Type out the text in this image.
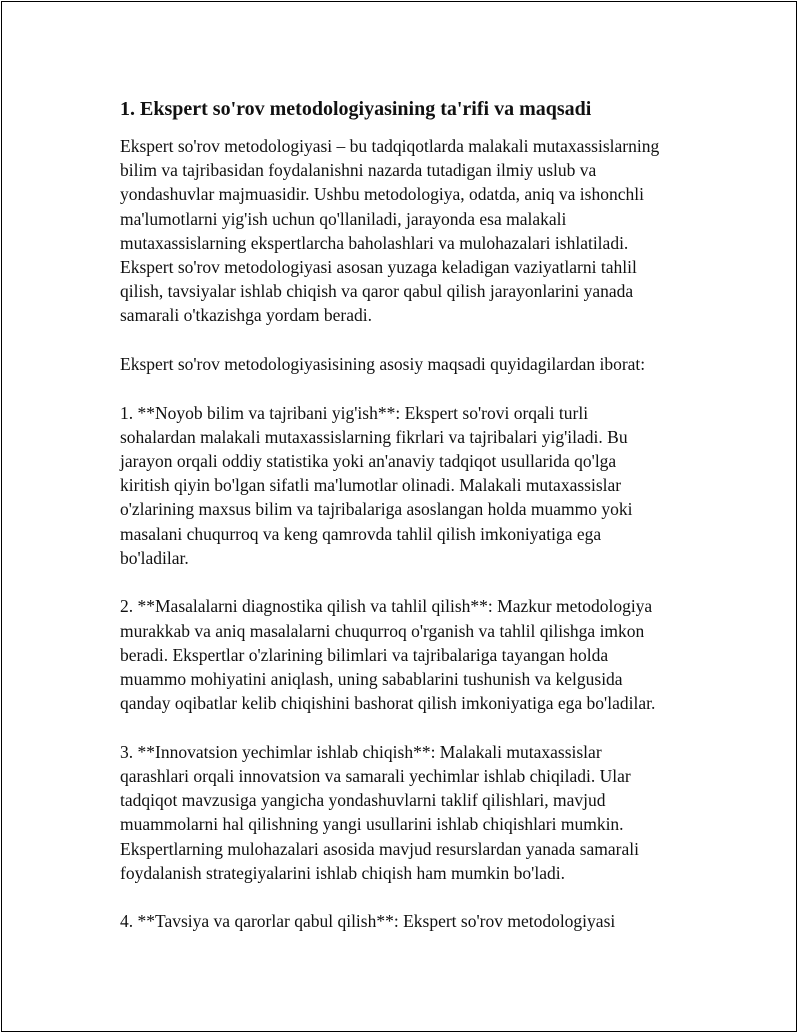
1. Ekspert so'rov metodologiyasining ta'rifi va maqsadi

Ekspert so'rov metodologiyasi – bu tadqiqotlarda malakali mutaxassislarning
bilim va tajribasidan foydalanishni nazarda tutadigan ilmiy uslub va
yondashuvlar majmuasidir. Ushbu metodologiya, odatda, aniq va ishonchli
ma'lumotlarni yig'ish uchun qo'llaniladi, jarayonda esa malakali
mutaxassislarning ekspertlarcha baholashlari va mulohazalari ishlatiladi.
Ekspert so'rov metodologiyasi asosan yuzaga keladigan vaziyatlarni tahlil
qilish, tavsiyalar ishlab chiqish va qaror qabul qilish jarayonlarini yanada
samarali o'tkazishga yordam beradi.

Ekspert so'rov metodologiyasisining asosiy maqsadi quyidagilardan iborat:

1. **Noyob bilim va tajribani yig'ish**: Ekspert so'rovi orqali turli
sohalardan malakali mutaxassislarning fikrlari va tajribalari yig'iladi. Bu
jarayon orqali oddiy statistika yoki an'anaviy tadqiqot usullarida qo'lga
kiritish qiyin bo'lgan sifatli ma'lumotlar olinadi. Malakali mutaxassislar
o'zlarining maxsus bilim va tajribalariga asoslangan holda muammo yoki
masalani chuqurroq va keng qamrovda tahlil qilish imkoniyatiga ega
bo'ladilar.

2. **Masalalarni diagnostika qilish va tahlil qilish**: Mazkur metodologiya
murakkab va aniq masalalarni chuqurroq o'rganish va tahlil qilishga imkon
beradi. Ekspertlar o'zlarining bilimlari va tajribalariga tayangan holda
muammo mohiyatini aniqlash, uning sabablarini tushunish va kelgusida
qanday oqibatlar kelib chiqishini bashorat qilish imkoniyatiga ega bo'ladilar.

3. **Innovatsion yechimlar ishlab chiqish**: Malakali mutaxassislar
qarashlari orqali innovatsion va samarali yechimlar ishlab chiqiladi. Ular
tadqiqot mavzusiga yangicha yondashuvlarni taklif qilishlari, mavjud
muammolarni hal qilishning yangi usullarini ishlab chiqishlari mumkin.
Ekspertlarning mulohazalari asosida mavjud resurslardan yanada samarali
foydalanish strategiyalarini ishlab chiqish ham mumkin bo'ladi.

4. **Tavsiya va qarorlar qabul qilish**: Ekspert so'rov metodologiyasi
